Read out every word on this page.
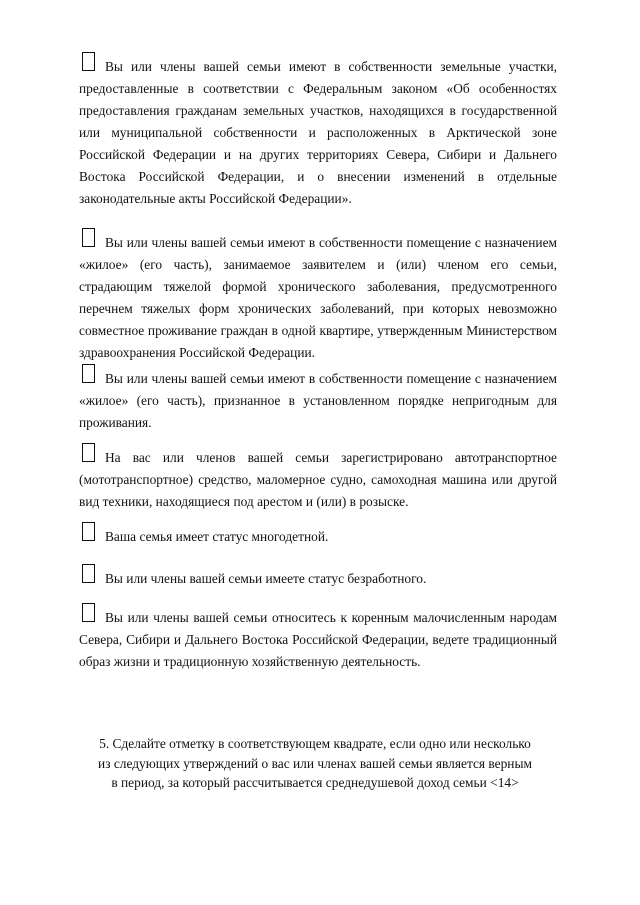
Вы или члены вашей семьи имеют в собственности земельные участки, предоставленные в соответствии с Федеральным законом «Об особенностях предоставления гражданам земельных участков, находящихся в государственной или муниципальной собственности и расположенных в Арктической зоне Российской Федерации и на других территориях Севера, Сибири и Дальнего Востока Российской Федерации, и о внесении изменений в отдельные законодательные акты Российской Федерации».
Вы или члены вашей семьи имеют в собственности помещение с назначением «жилое» (его часть), занимаемое заявителем и (или) членом его семьи, страдающим тяжелой формой хронического заболевания, предусмотренного перечнем тяжелых форм хронических заболеваний, при которых невозможно совместное проживание граждан в одной квартире, утвержденным Министерством здравоохранения Российской Федерации.
Вы или члены вашей семьи имеют в собственности помещение с назначением «жилое» (его часть), признанное в установленном порядке непригодным для проживания.
На вас или членов вашей семьи зарегистрировано автотранспортное (мототранспортное) средство, маломерное судно, самоходная машина или другой вид техники, находящиеся под арестом и (или) в розыске.
Ваша семья имеет статус многодетной.
Вы или члены вашей семьи имеете статус безработного.
Вы или члены вашей семьи относитесь к коренным малочисленным народам Севера, Сибири и Дальнего Востока Российской Федерации, ведете традиционный образ жизни и традиционную хозяйственную деятельность.
5. Сделайте отметку в соответствующем квадрате, если одно или несколько из следующих утверждений о вас или членах вашей семьи является верным в период, за который рассчитывается среднедушевой доход семьи <14>
